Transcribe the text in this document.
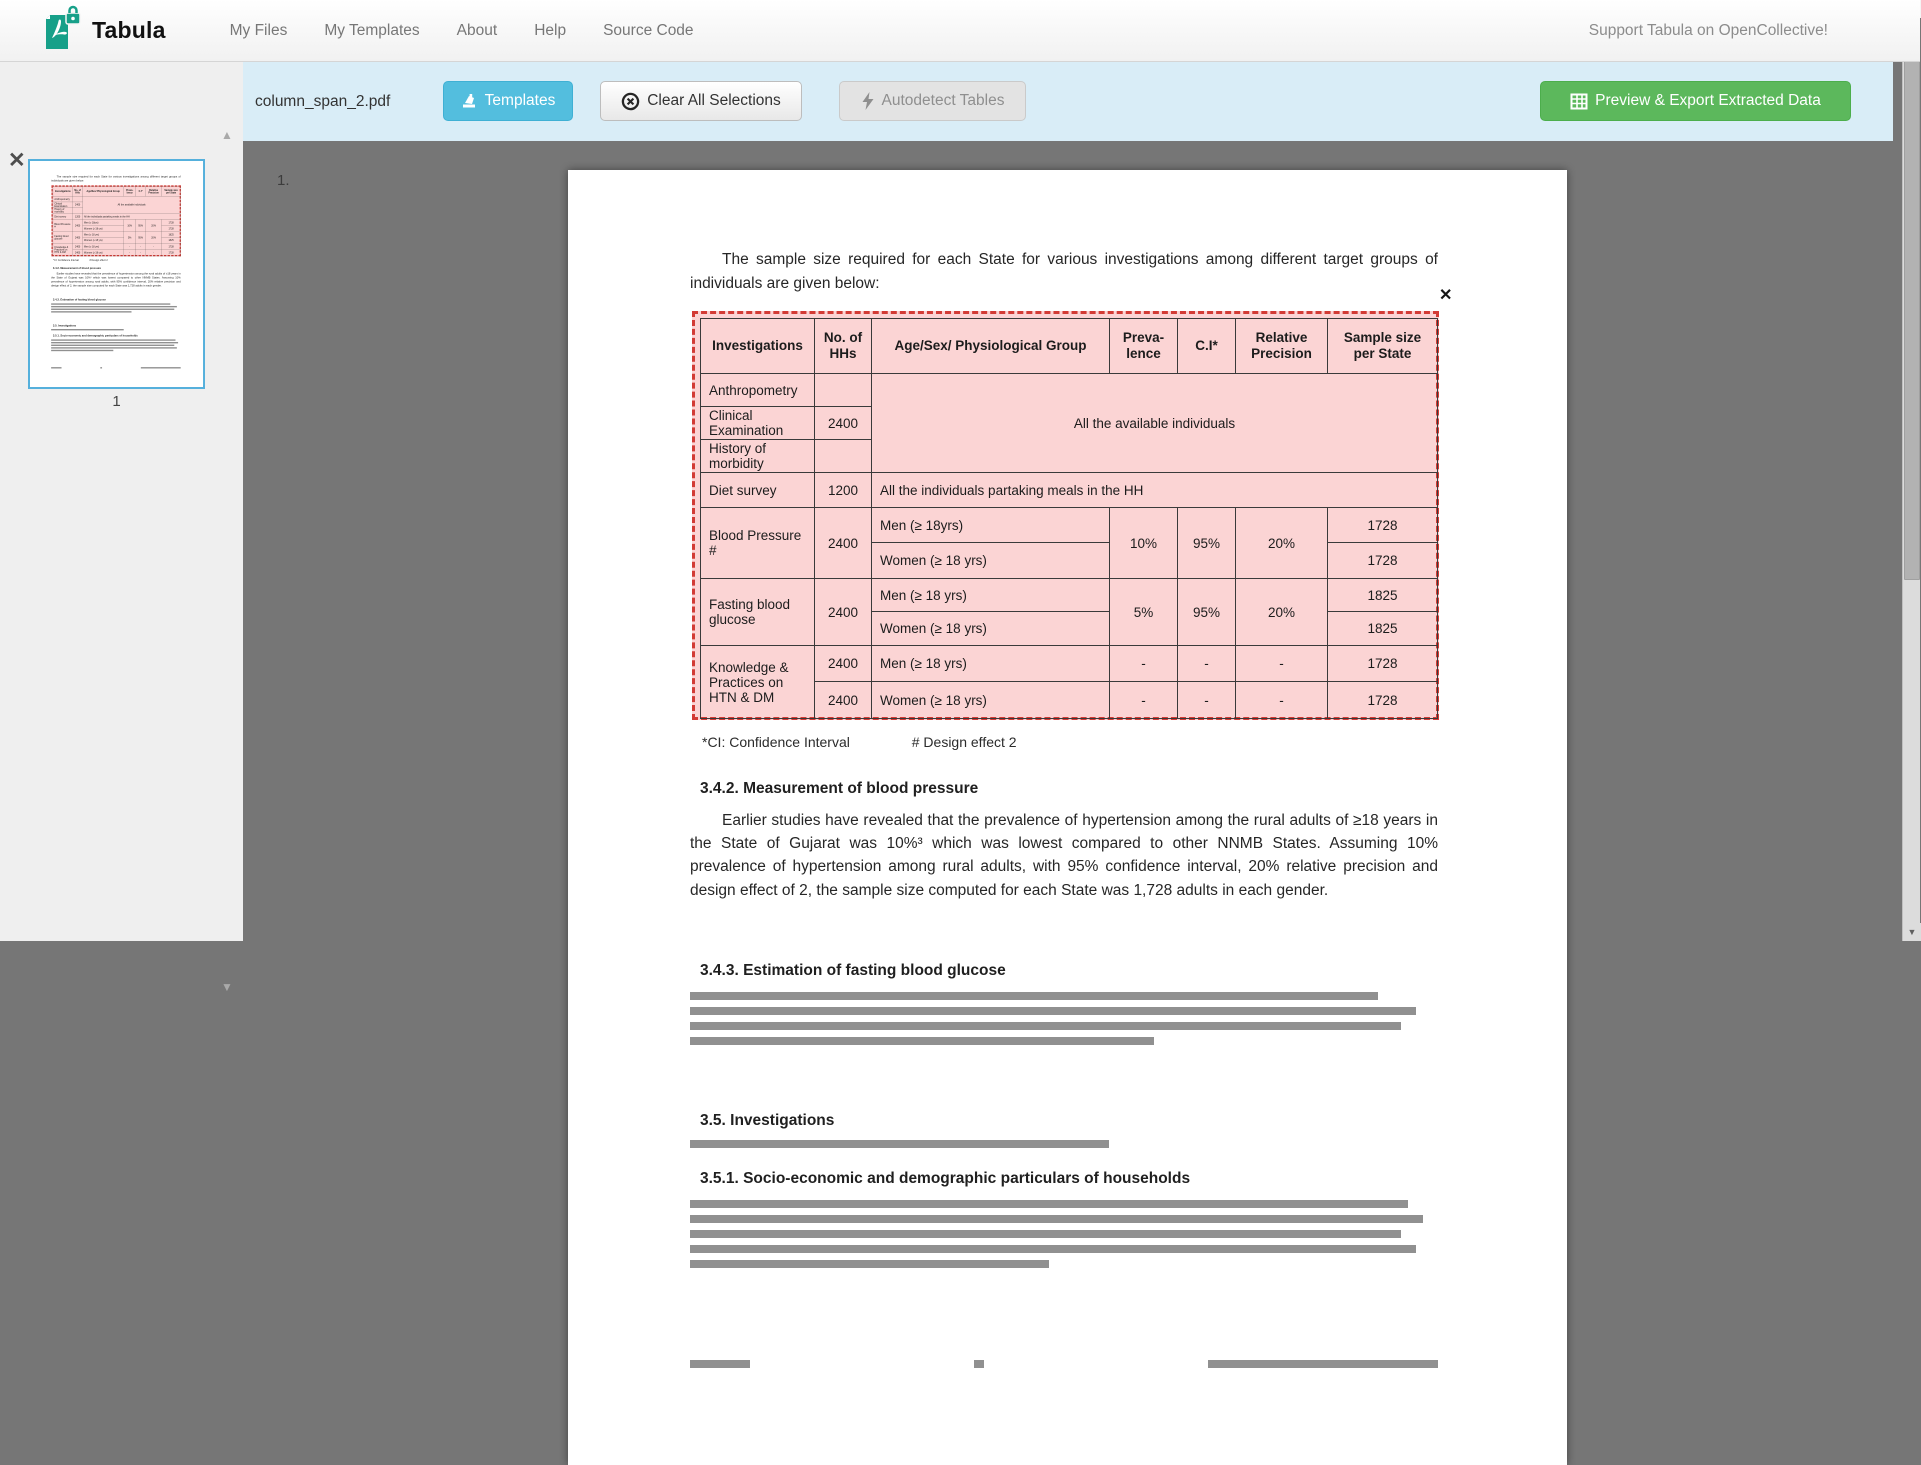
Tabula	My Files My Templates About Help Source Code	Support Tabula on OpenCollective!
✕
▲

The sample size required for each State for various investigations among different target groups of individuals are given below:

Investigations	No. of HHs	Age/Sex/ Physiological Group	Preva- lence	C.I*	Relative Precision	Sample size per State
Anthropometry		All the available individuals				
Clinical Examination	2400					
History of morbidity						
Diet survey	1200	All the individuals partaking meals in the HH				
Blood Pressure #	2400	Men (≥ 18yrs)	10%	95%	20%	1728
		Women (≥ 18 yrs)				1728
Fasting blood glucose	2400	Men (≥ 18 yrs)	5%	95%	20%	1825
		Women (≥ 18 yrs)				1825
Knowledge & Practices on HTN & DM	2400	Men (≥ 18 yrs)	-	-	-	1728
	2400	Women (≥ 18 yrs)	-	-	-	1728
*CI: Confidence Interval # Design effect 2
3.4.2. Measurement of blood pressure

Earlier studies have revealed that the prevalence of hypertension among the rural adults of ≥18 years in the State of Gujarat was 10%³ which was lowest compared to other NNMB States. Assuming 10% prevalence of hypertension among rural adults, with 95% confidence interval, 20% relative precision and design effect of 2, the sample size computed for each State was 1,728 adults in each gender.

3.4.3. Estimation of fasting blood glucose
3.5. Investigations
3.5.1. Socio-economic and demographic particulars of households
1
▼
column_span_2.pdf	Templates	Clear All Selections	Autodetect Tables	Preview & Export Extracted Data
1.

The sample size required for each State for various investigations among different target groups of individuals are given below:

✕
Investigations	No. of HHs	Age/Sex/ Physiological Group	Preva- lence	C.I*	Relative Precision	Sample size per State
Anthropometry		All the available individuals				
Clinical Examination	2400					
History of morbidity						
Diet survey	1200	All the individuals partaking meals in the HH				
Blood Pressure #	2400	Men (≥ 18yrs)	10%	95%	20%	1728
		Women (≥ 18 yrs)				1728
Fasting blood glucose	2400	Men (≥ 18 yrs)	5%	95%	20%	1825
		Women (≥ 18 yrs)				1825
Knowledge & Practices on HTN & DM	2400	Men (≥ 18 yrs)	-	-	-	1728
	2400	Women (≥ 18 yrs)	-	-	-	1728
*CI: Confidence Interval	# Design effect 2
3.4.2. Measurement of blood pressure

Earlier studies have revealed that the prevalence of hypertension among the rural adults of ≥18 years in the State of Gujarat was 10%³ which was lowest compared to other NNMB States. Assuming 10% prevalence of hypertension among rural adults, with 95% confidence interval, 20% relative precision and design effect of 2, the sample size computed for each State was 1,728 adults in each gender.

3.4.3. Estimation of fasting blood glucose
3.5. Investigations
3.5.1. Socio-economic and demographic particulars of households
▼
